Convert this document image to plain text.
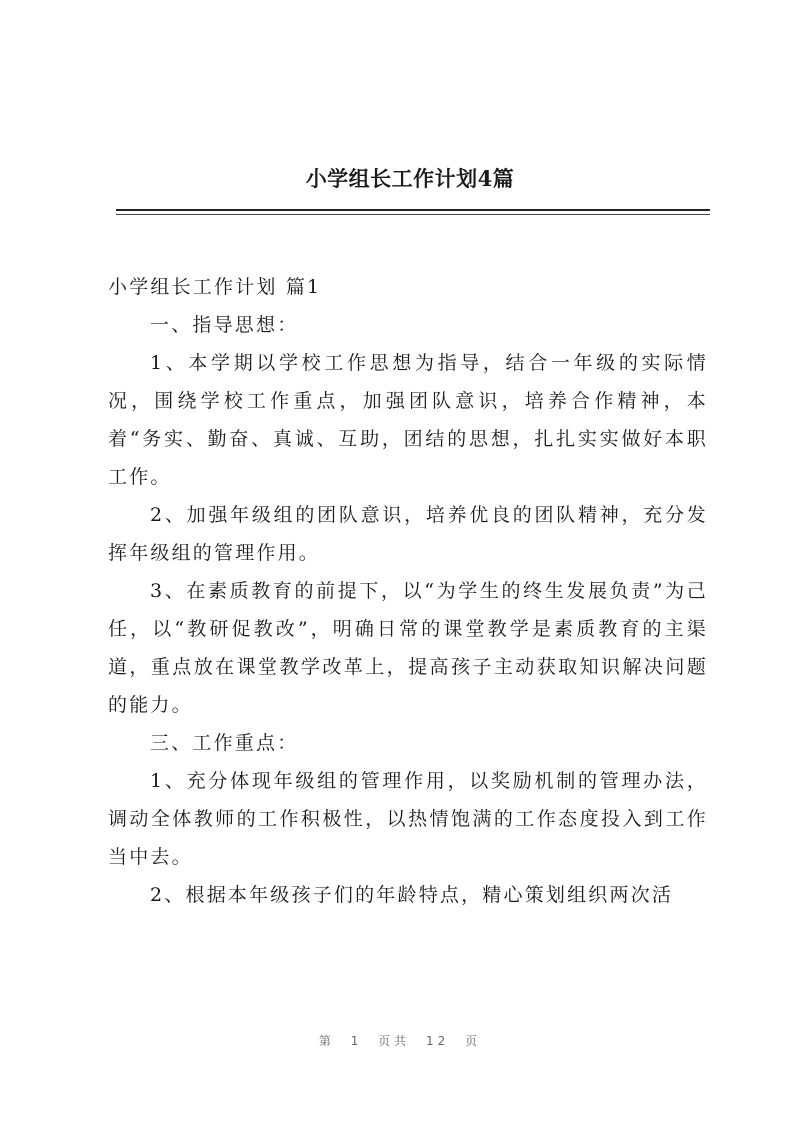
小学组长工作计划4篇

小学组长工作计划 篇1

一、指导思想：

1、本学期以学校工作思想为指导，结合一年级的实际情况，围绕学校工作重点，加强团队意识，培养合作精神，本着“务实、勤奋、真诚、互助，团结的思想，扎扎实实做好本职工作。

2、加强年级组的团队意识，培养优良的团队精神，充分发挥年级组的管理作用。

3、在素质教育的前提下，以“为学生的终生发展负责”为己任，以“教研促教改”，明确日常的课堂教学是素质教育的主渠道，重点放在课堂教学改革上，提高孩子主动获取知识解决问题的能力。

三、工作重点：

1、充分体现年级组的管理作用，以奖励机制的管理办法，调动全体教师的工作积极性，以热情饱满的工作态度投入到工作当中去。

2、根据本年级孩子们的年龄特点，精心策划组织两次活

第 1 页共 12 页
